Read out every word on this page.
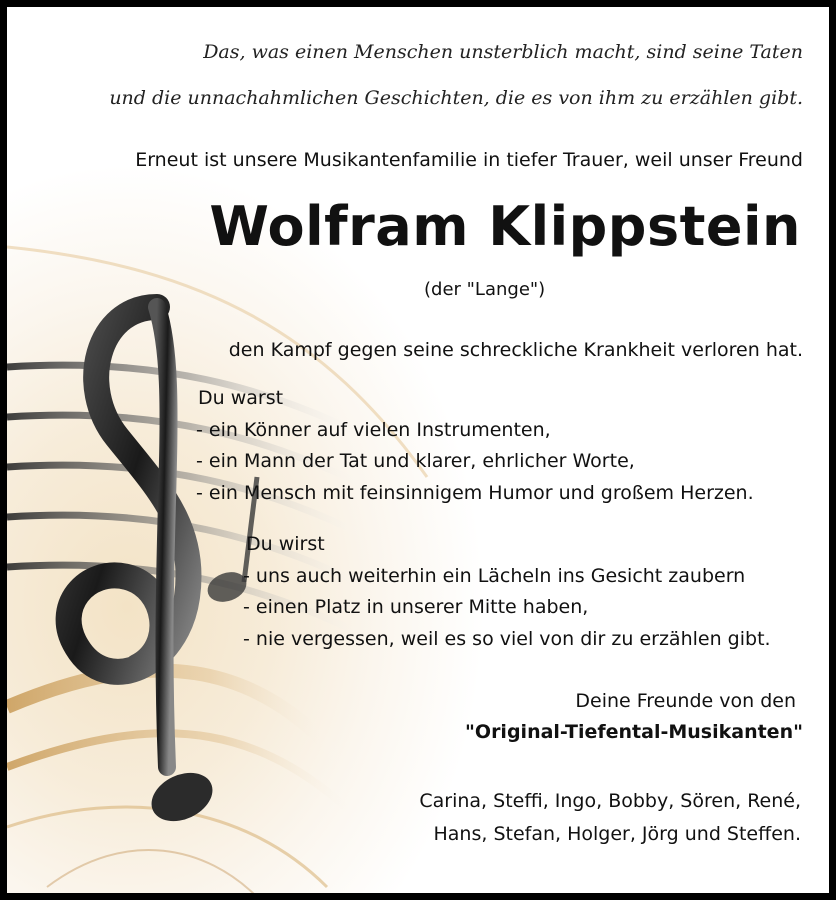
Das, was einen Menschen unsterblich macht, sind seine Taten
und die unnachahmlichen Geschichten, die es von ihm zu erzählen gibt.
Erneut ist unsere Musikantenfamilie in tiefer Trauer, weil unser Freund
Wolfram Klippstein
(der "Lange")
den Kampf gegen seine schreckliche Krankheit verloren hat.
Du warst
- ein Könner auf vielen Instrumenten,
- ein Mann der Tat und klarer, ehrlicher Worte,
- ein Mensch mit feinsinnigem Humor und großem Herzen.
Du wirst
- uns auch weiterhin ein Lächeln ins Gesicht zaubern
- einen Platz in unserer Mitte haben,
- nie vergessen, weil es so viel von dir zu erzählen gibt.
Deine Freunde von den
"Original-Tiefental-Musikanten"
Carina, Steffi, Ingo, Bobby, Sören, René,
Hans, Stefan, Holger, Jörg und Steffen.
